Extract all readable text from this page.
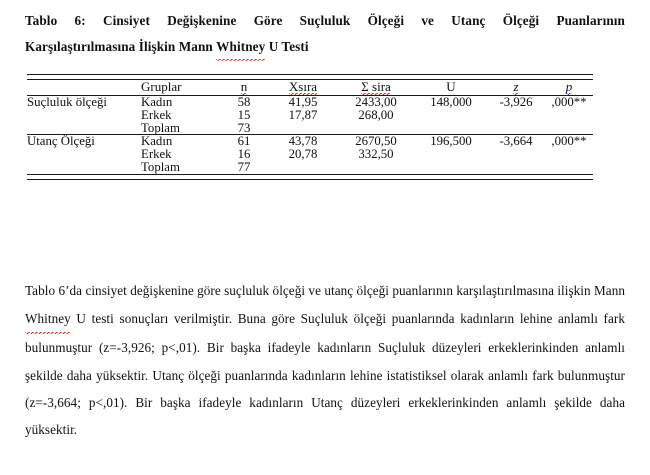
Tablo 6: Cinsiyet Değişkenine Göre Suçluluk Ölçeği ve Utanç Ölçeği Puanlarının
Karşılaştırılmasına İlişkin Mann Whitney U Testi

	Gruplar	n	Xsıra	Σ sira	U	z	p

Suçluluk ölçeği	Kadın	58	41,95	2433,00	148,000	-3,926	,000**
	Erkek	15	17,87	268,00			
	Toplam	73					

Utanç Ölçeği	Kadın	61	43,78	2670,50	196,500	-3,664	,000**
	Erkek	16	20,78	332,50			
	Toplam	77					

Tablo 6’da cinsiyet değişkenine göre suçluluk ölçeği ve utanç ölçeği puanlarının karşılaştırılmasına ilişkin Mann Whitney U testi sonuçları verilmiştir. Buna göre Suçluluk ölçeği puanlarında kadınların lehine anlamlı fark bulunmuştur (z=-3,926; p<,01). Bir başka ifadeyle kadınların Suçluluk düzeyleri erkeklerinkinden anlamlı şekilde daha yüksektir. Utanç ölçeği puanlarında kadınların lehine istatistiksel olarak anlamlı fark bulunmuştur (z=-3,664; p<,01). Bir başka ifadeyle kadınların Utanç düzeyleri erkeklerinkinden anlamlı şekilde daha yüksektir.
